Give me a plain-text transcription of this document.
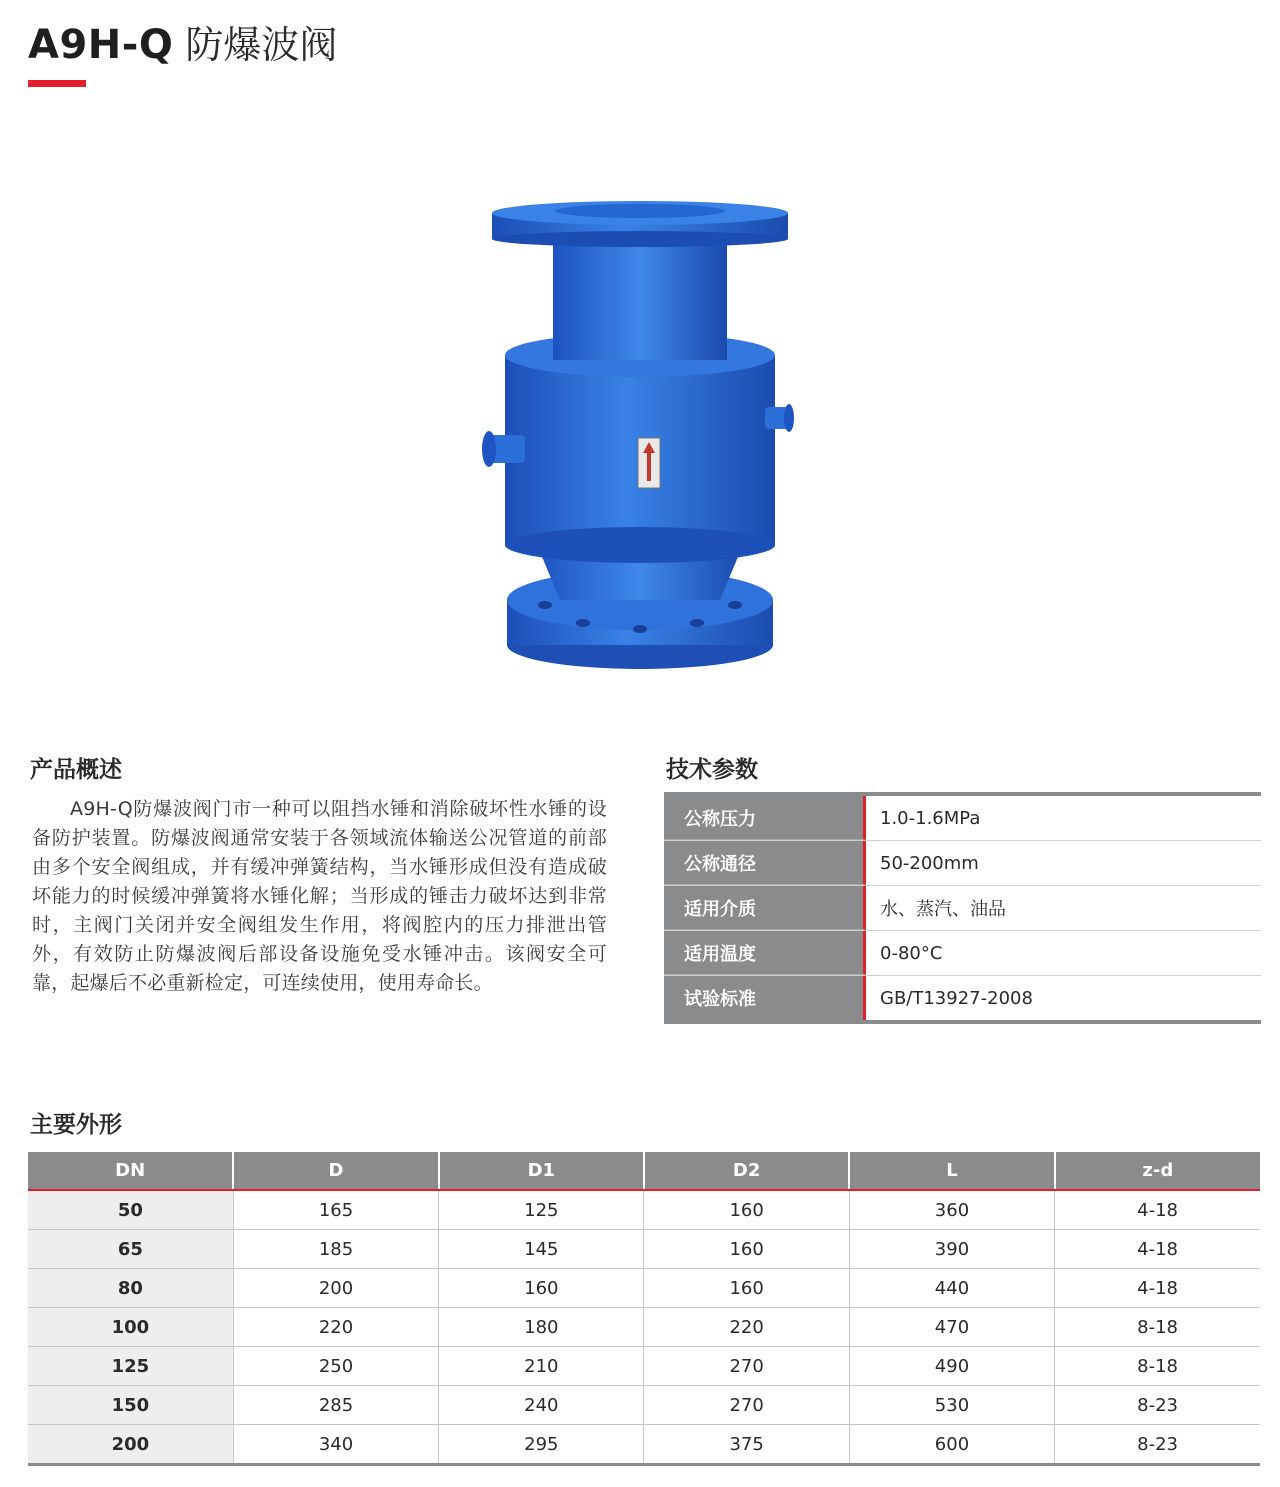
A9H-Q 防爆波阀
产品概述
A9H-Q防爆波阀门市一种可以阻挡水锤和消除破坏性水锤的设备防护装置。防爆波阀通常安装于各领域流体输送公况管道的前部由多个安全阀组成，并有缓冲弹簧结构，当水锤形成但没有造成破坏能力的时候缓冲弹簧将水锤化解；当形成的锤击力破坏达到非常时，主阀门关闭并安全阀组发生作用，将阀腔内的压力排泄出管外，有效防止防爆波阀后部设备设施免受水锤冲击。该阀安全可靠，起爆后不必重新检定，可连续使用，使用寿命长。
技术参数
公称压力	1.0-1.6MPa
公称通径	50-200mm
适用介质	水、蒸汽、油品
适用温度	0-80°C
试验标准	GB/T13927-2008
主要外形
DN	D	D1	D2	L	z-d
50	165	125	160	360	4-18
65	185	145	160	390	4-18
80	200	160	160	440	4-18
100	220	180	220	470	8-18
125	250	210	270	490	8-18
150	285	240	270	530	8-23
200	340	295	375	600	8-23
